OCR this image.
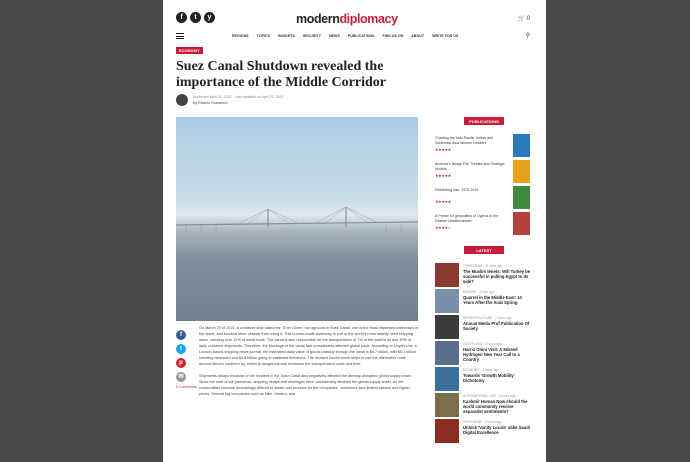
f	t	y	moderndiplomacy	🛒 0
REGIONS TOPICS INSIGHTS SECURITY NEWS PUBLICATIONS FIND US ON ABOUT WRITE FOR US	⚲
ECONOMY
Suez Canal Shutdown revealed the importance of the Middle Corridor
Published April 21, 2021 · Last updated on April 21, 2021
By Eldaniz Gusseinov
f
t
p
✉
0 Comments

On March 23 of 2021, a container ship called the "Ever Given" ran aground in Suez Canal, one of the most important waterways in the world, and blocked other vessels from using it. This human-made waterway is one of the world's most heavily used shipping lanes, carrying over 12% of world trade. The canal is also responsible for the transportation of 7% of the world's oil and 30% of daily container shipments. Therefore, the blockage of the canal has considerably affected global trade. According to Lloyd's List, a London-based shipping news journal, the estimated daily value of goods passing through the canal is $9.7 billion, with $5.1 billion traveling westward and $4.6 billion going to eastward directions. The incident forced some ships to use the alternative route around Africa's southern tip, which is dangerous and increases the transportation costs and time.

Shipments delays because of the incident in the Suez Canal also negatively affected the already-disrupted global supply chain. Since the start of the pandemic, shipping delays and shortages have considerably strained the global supply chain. As the commodities become increasingly difficult to obtain and produce for the companies, customers face limited options and higher prices. Several big companies such as Nike, Hasbro, and

PUBLICATIONS
Charting the Indo-Pacific: Indian and Southeast Asia Women Leaders
★★★★★
America's Bridge Pal: Threats and Strategic Models
★★★★★
Rethinking Iran: 1979-2019
★★★★★
A Primer for geopolitics of Cyprus in the Eastern Mediterranean
★★★★☆
LATEST
TERRORISM · 31 mins ago
The Muslim tenets: Will Turkey be successful in pulling Egypt to its side?
EUROPE · 1 hour ago
Quarrel in the Middle East: 10 Years After the Arab Spring
INFRASTRUCTURE · 2 hours ago
Annual Media Prof Publication Of Society
SOUTH ASIA · 3 hours ago
Harris Omni Visit: A Missed Hydrogen New Year Call to a Country
ECONOMY · 3 hours ago
Towards 'Growth Mobility' Dichotomy
INTERNATIONAL LAW · 4 hours ago
Kashmir Human Now should the world community resolve separatist sentiments?
TECH NEWS · 4 hours ago
Unlock 'Vanity Locals' alike Saudi Digital Excellence
